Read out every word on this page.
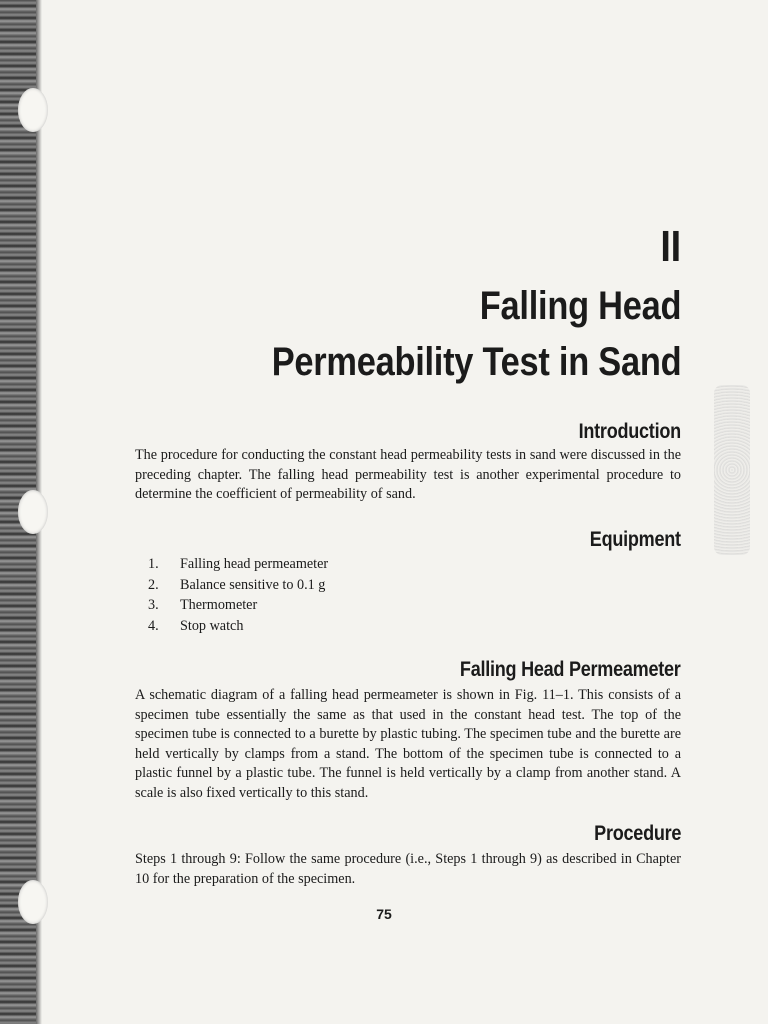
II
Falling Head
Permeability Test in Sand
Introduction

The procedure for conducting the constant head permeability tests in sand were discussed in the preceding chapter. The falling head permeability test is another experimental procedure to determine the coefficient of permeability of sand.

Equipment
1.	Falling head permeameter
2.	Balance sensitive to 0.1 g
3.	Thermometer
4.	Stop watch
Falling Head Permeameter

A schematic diagram of a falling head permeameter is shown in Fig. 11–1. This consists of a specimen tube essentially the same as that used in the constant head test. The top of the specimen tube is connected to a burette by plastic tubing. The specimen tube and the burette are held vertically by clamps from a stand. The bottom of the specimen tube is connected to a plastic funnel by a plastic tube. The funnel is held vertically by a clamp from another stand. A scale is also fixed vertically to this stand.

Procedure

Steps 1 through 9: Follow the same procedure (i.e., Steps 1 through 9) as described in Chapter 10 for the preparation of the specimen.

75
